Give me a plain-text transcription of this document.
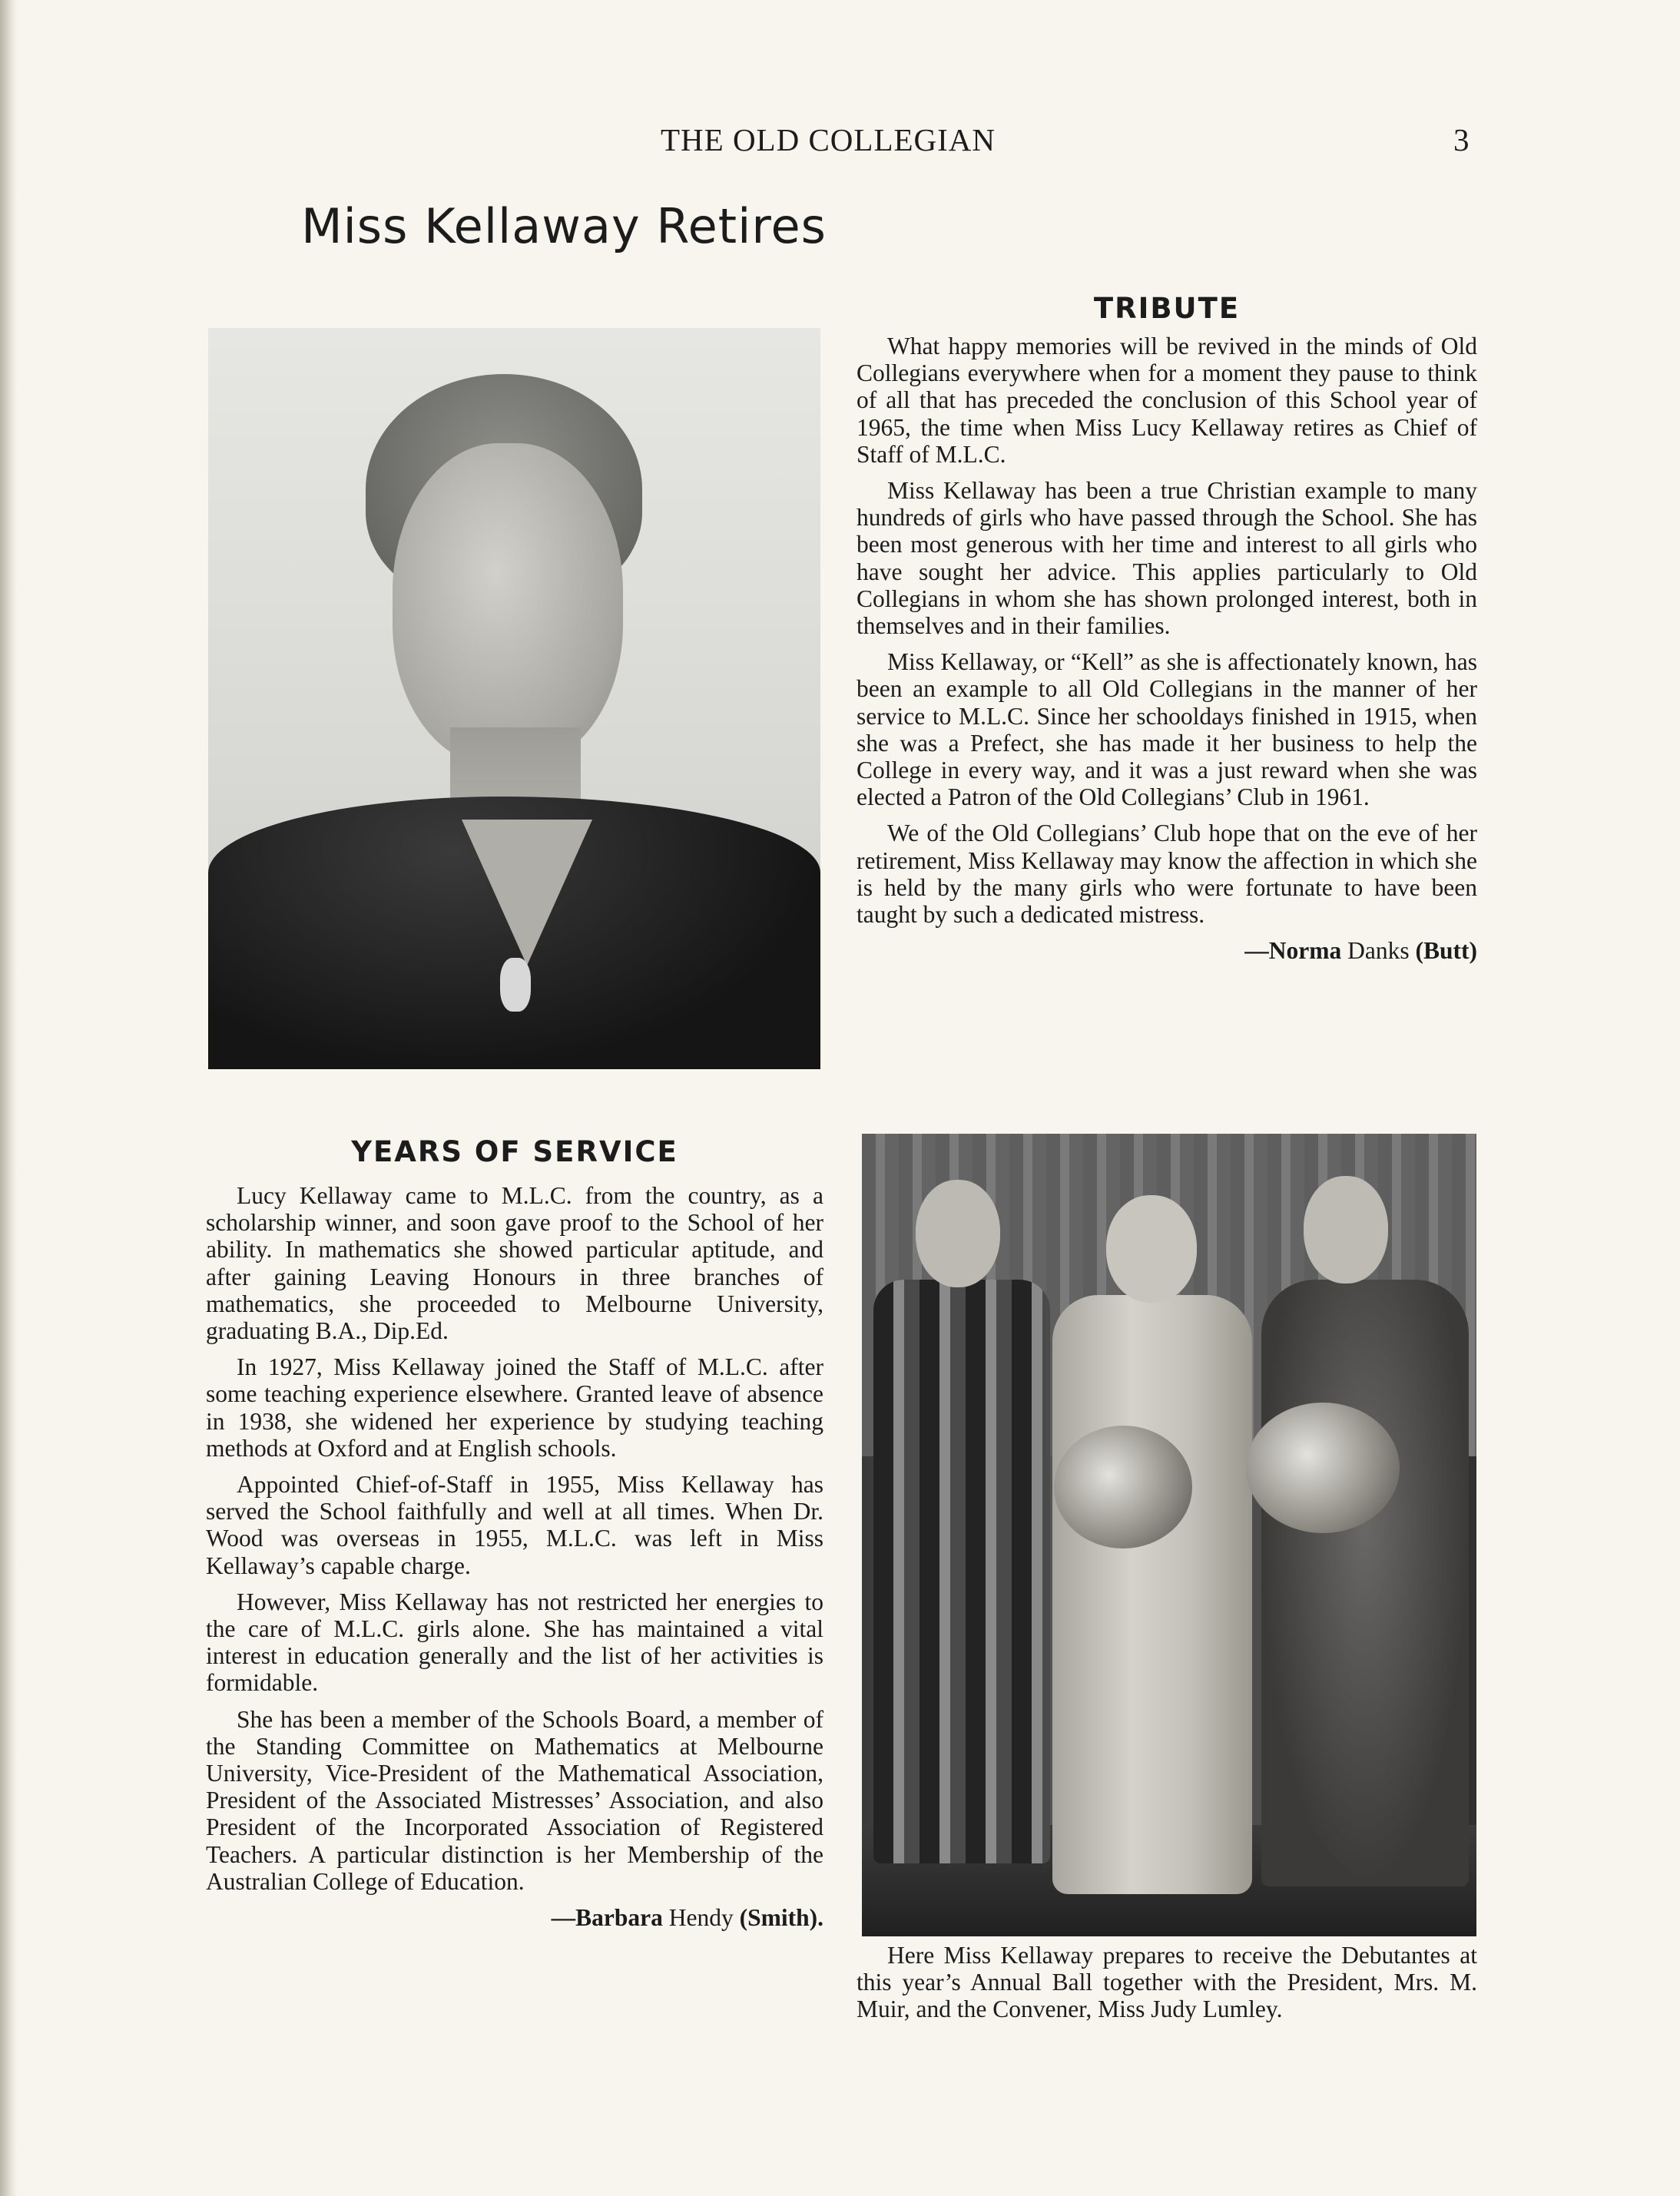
THE OLD COLLEGIAN	3
Miss Kellaway Retires
TRIBUTE

What happy memories will be revived in the minds of Old Collegians everywhere when for a moment they pause to think of all that has preceded the conclusion of this School year of 1965, the time when Miss Lucy Kellaway retires as Chief of Staff of M.L.C.

Miss Kellaway has been a true Christian example to many hundreds of girls who have passed through the School. She has been most generous with her time and interest to all girls who have sought her advice. This applies particularly to Old Collegians in whom she has shown prolonged interest, both in themselves and in their families.

Miss Kellaway, or “Kell” as she is affectionately known, has been an example to all Old Collegians in the manner of her service to M.L.C. Since her schooldays finished in 1915, when she was a Prefect, she has made it her business to help the College in every way, and it was a just reward when she was elected a Patron of the Old Collegians’ Club in 1961.

We of the Old Collegians’ Club hope that on the eve of her retirement, Miss Kellaway may know the affection in which she is held by the many girls who were fortunate to have been taught by such a dedicated mistress.

—Norma Danks (Butt)

Here Miss Kellaway prepares to receive the Debutantes at this year’s Annual Ball together with the President, Mrs. M. Muir, and the Convener, Miss Judy Lumley.

YEARS OF SERVICE

Lucy Kellaway came to M.L.C. from the country, as a scholarship winner, and soon gave proof to the School of her ability. In mathematics she showed particular aptitude, and after gaining Leaving Honours in three branches of mathematics, she proceeded to Melbourne University, graduating B.A., Dip.Ed.

In 1927, Miss Kellaway joined the Staff of M.L.C. after some teaching experience elsewhere. Granted leave of absence in 1938, she widened her experience by studying teaching methods at Oxford and at English schools.

Appointed Chief-of-Staff in 1955, Miss Kellaway has served the School faithfully and well at all times. When Dr. Wood was overseas in 1955, M.L.C. was left in Miss Kellaway’s capable charge.

However, Miss Kellaway has not restricted her energies to the care of M.L.C. girls alone. She has maintained a vital interest in education generally and the list of her activities is formidable.

She has been a member of the Schools Board, a member of the Standing Committee on Mathematics at Melbourne University, Vice-President of the Mathematical Association, President of the Associated Mistresses’ Association, and also President of the Incorporated Association of Registered Teachers. A particular distinction is her Membership of the Australian College of Education.

—Barbara Hendy (Smith).
